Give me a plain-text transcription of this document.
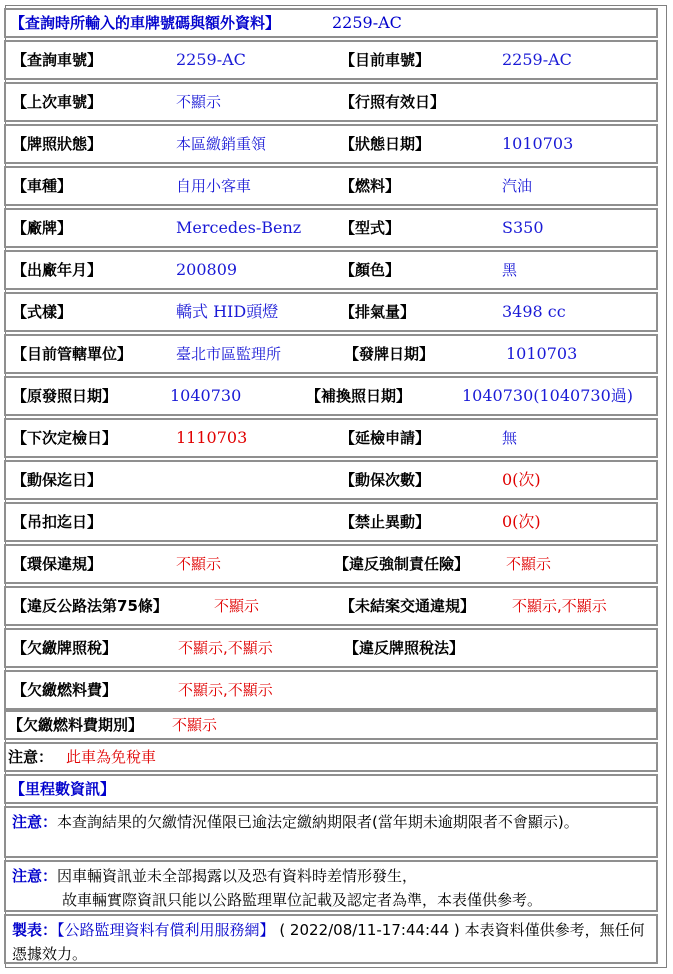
【查詢時所輸入的車牌號碼與額外資料】	2259-AC
【查詢車號】	2259-AC	【目前車號】	2259-AC
【上次車號】	不顯示	【行照有效日】
【牌照狀態】	本區繳銷重領	【狀態日期】	1010703
【車種】	自用小客車	【燃料】	汽油
【廠牌】	Mercedes-Benz	【型式】	S350
【出廠年月】	200809	【顏色】	黑
【式樣】	轎式 HID頭燈	【排氣量】	3498 cc
【目前管轄單位】	臺北市區監理所	【發牌日期】	1010703
【原發照日期】	1040730	【補換照日期】	1040730(1040730過)
【下次定檢日】	1110703	【延檢申請】	無
【動保迄日】	【動保次數】	0(次)
【吊扣迄日】	【禁止異動】	0(次)
【環保違規】	不顯示	【違反強制責任險】 不顯示
【違反公路法第75條】	不顯示	【未結案交通違規】 不顯示,不顯示
【欠繳牌照稅】	不顯示,不顯示	【違反牌照稅法】
【欠繳燃料費】	不顯示,不顯示
【欠繳燃料費期別】 不顯示
注意： 此車為免稅車
【里程數資訊】
注意：本查詢結果的欠繳情況僅限已逾法定繳納期限者(當年期未逾期限者不會顯示)。
注意：因車輛資訊並未全部揭露以及恐有資料時差情形發生，
故車輛實際資訊只能以公路監理單位記載及認定者為準，本表僅供參考。
製表：【公路監理資料有償利用服務網】 ( 2022/08/11-17:44:44 ) 本表資料僅供參考，無任何憑據效力。
